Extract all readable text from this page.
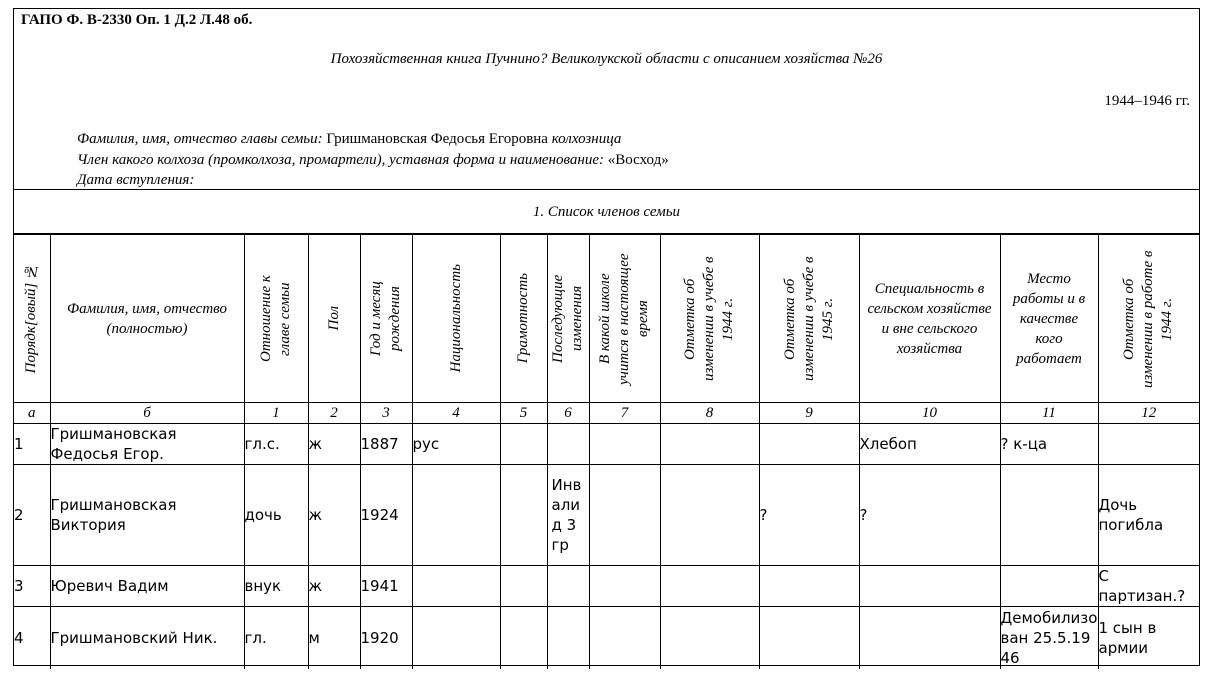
ГАПО Ф. В-2330 Оп. 1 Д.2 Л.48 об.
Похозяйственная книга Пучнино? Великолукской области с описанием хозяйства №26
1944–1946 гг.
Фамилия, имя, отчество главы семьи: Гришмановская Федосья Егоровна колхозница
Член какого колхоза (промколхоза, промартели), уставная форма и наименование: «Восход»
Дата вступления:
1. Список членов семьи
Порядк[овый] №	Фамилия, имя, отчество (полностью)	Отношение к главе семьи	Пол	Год и месяц рождения	Национальность	Грамотность	Последующие изменения	В какой школе учится в настоящее время	Отметка об изменении в учебе в 1944 г.	Отметка об изменении в учебе в 1945 г.	Специальность в сельском хозяйстве и вне сельского хозяйства	Место работы и в качестве кого работает	Отметка об изменении в работе в 1944 г.

а	б	1	2	3	4	5	6	7	8	9	10	11	12
1	Гришмановская Федосья Егор.	гл.с.	ж	1887	рус						Хлебоп	? к-ца	
2	Гришмановская Виктория	дочь	ж	1924			Инвалид 3 гр			?	?		Дочь погибла
3	Юревич Вадим	внук	ж	1941									С партизан.?
4	Гришмановский Ник.	гл.	м	1920								Демобилизован 25.5.1946	1 сын в армии
